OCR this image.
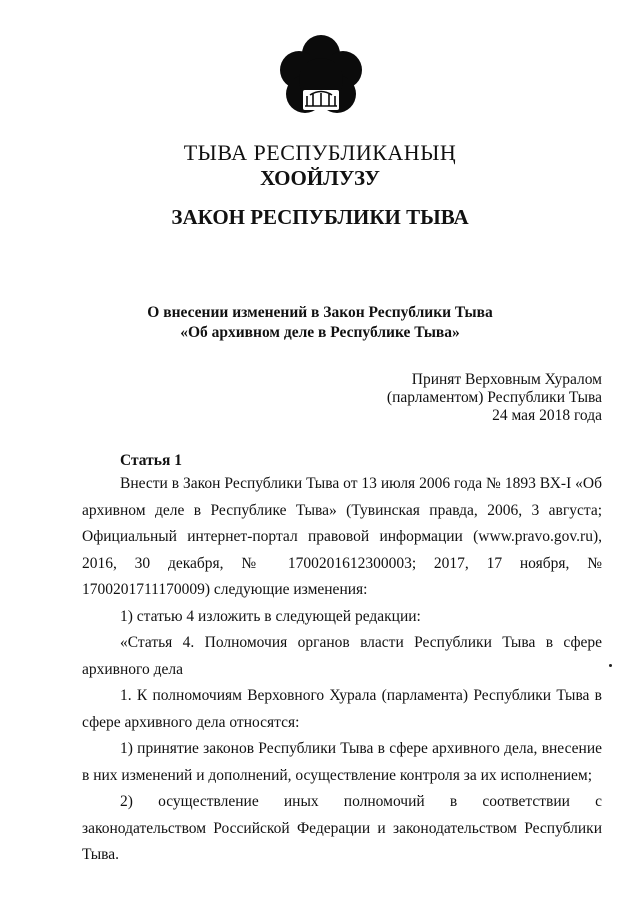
ТЫВА РЕСПУБЛИКАНЫҢ
ХООЙЛУЗУ
ЗАКОН РЕСПУБЛИКИ ТЫВА
О внесении изменений в Закон Республики Тыва
«Об архивном деле в Республике Тыва»
Принят Верховным Хуралом
(парламентом) Республики Тыва
24 мая 2018 года
Статья 1

Внести в Закон Республики Тыва от 13 июля 2006 года № 1893 ВХ-I «Об архивном деле в Республике Тыва» (Тувинская правда, 2006, 3 августа; Официальный интернет-портал правовой информации (www.pravo.gov.ru), 2016, 30 декабря, № 1700201612300003; 2017, 17 ноября, № 1700201711170009) следующие изменения:

1) статью 4 изложить в следующей редакции:

«Статья 4. Полномочия органов власти Республики Тыва в сфере архивного дела

1. К полномочиям Верховного Хурала (парламента) Республики Тыва в сфере архивного дела относятся:

1) принятие законов Республики Тыва в сфере архивного дела, внесение в них изменений и дополнений, осуществление контроля за их исполнением;

2) осуществление иных полномочий в соответствии с законодательством Российской Федерации и законодательством Республики Тыва.
